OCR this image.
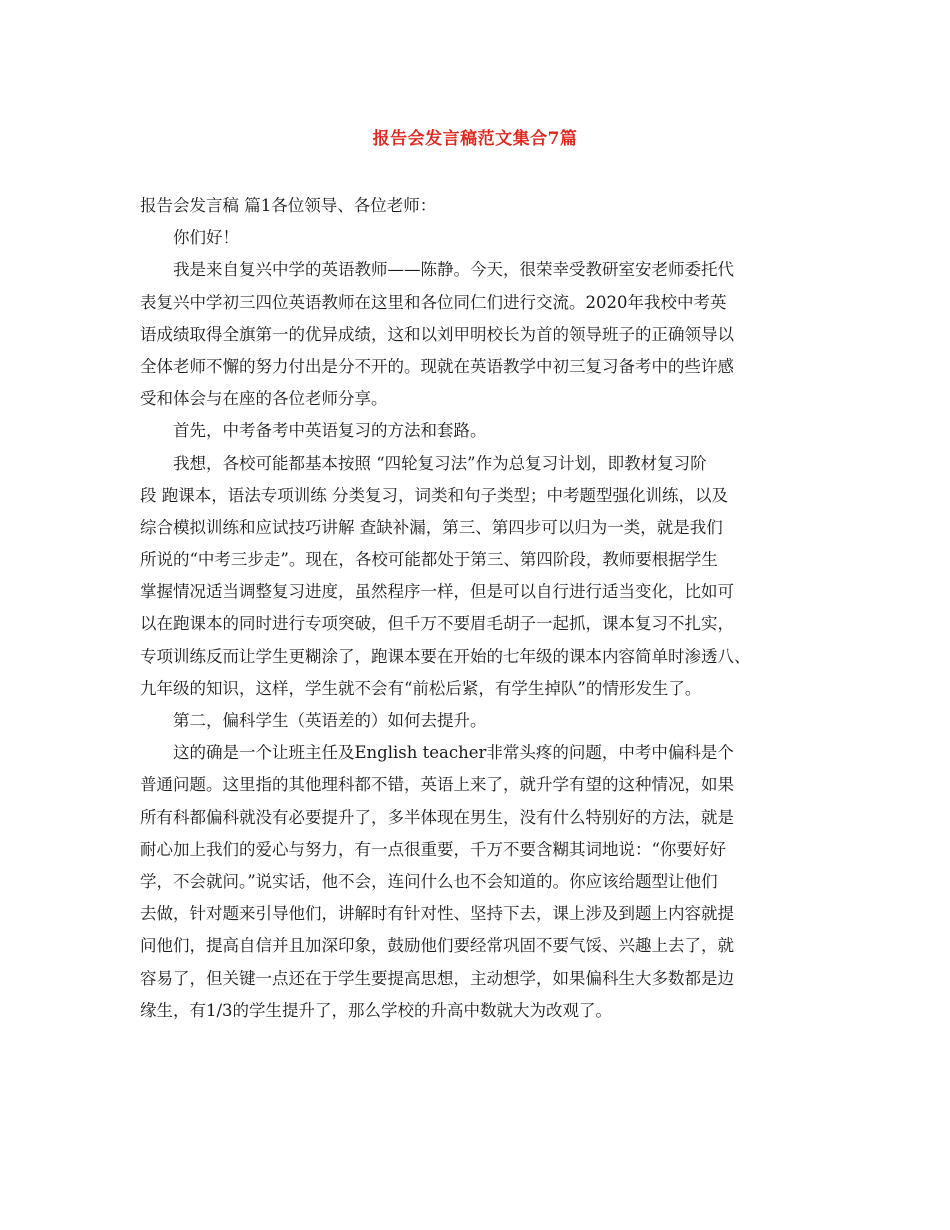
报告会发言稿范文集合7篇
报告会发言稿 篇1各位领导、各位老师：
你们好！
我是来自复兴中学的英语教师——陈静。今天，很荣幸受教研室安老师委托代
表复兴中学初三四位英语教师在这里和各位同仁们进行交流。2020年我校中考英
语成绩取得全旗第一的优异成绩，这和以刘甲明校长为首的领导班子的正确领导以
全体老师不懈的努力付出是分不开的。现就在英语教学中初三复习备考中的些许感
受和体会与在座的各位老师分享。
首先，中考备考中英语复习的方法和套路。
我想，各校可能都基本按照 “四轮复习法”作为总复习计划，即教材复习阶
段 跑课本，语法专项训练 分类复习，词类和句子类型；中考题型强化训练，以及
综合模拟训练和应试技巧讲解 查缺补漏，第三、第四步可以归为一类，就是我们
所说的“中考三步走”。现在，各校可能都处于第三、第四阶段，教师要根据学生
掌握情况适当调整复习进度，虽然程序一样，但是可以自行进行适当变化，比如可
以在跑课本的同时进行专项突破，但千万不要眉毛胡子一起抓，课本复习不扎实，
专项训练反而让学生更糊涂了，跑课本要在开始的七年级的课本内容简单时渗透八、
九年级的知识，这样，学生就不会有“前松后紧，有学生掉队”的情形发生了。
第二，偏科学生（英语差的）如何去提升。
这的确是一个让班主任及English teacher非常头疼的问题，中考中偏科是个
普通问题。这里指的其他理科都不错，英语上来了，就升学有望的这种情况，如果
所有科都偏科就没有必要提升了，多半体现在男生，没有什么特别好的方法，就是
耐心加上我们的爱心与努力，有一点很重要，千万不要含糊其词地说：“你要好好
学，不会就问。”说实话，他不会，连问什么也不会知道的。你应该给题型让他们
去做，针对题来引导他们，讲解时有针对性、坚持下去，课上涉及到题上内容就提
问他们，提高自信并且加深印象，鼓励他们要经常巩固不要气馁、兴趣上去了，就
容易了，但关键一点还在于学生要提高思想，主动想学，如果偏科生大多数都是边
缘生，有1/3的学生提升了，那么学校的升高中数就大为改观了。
